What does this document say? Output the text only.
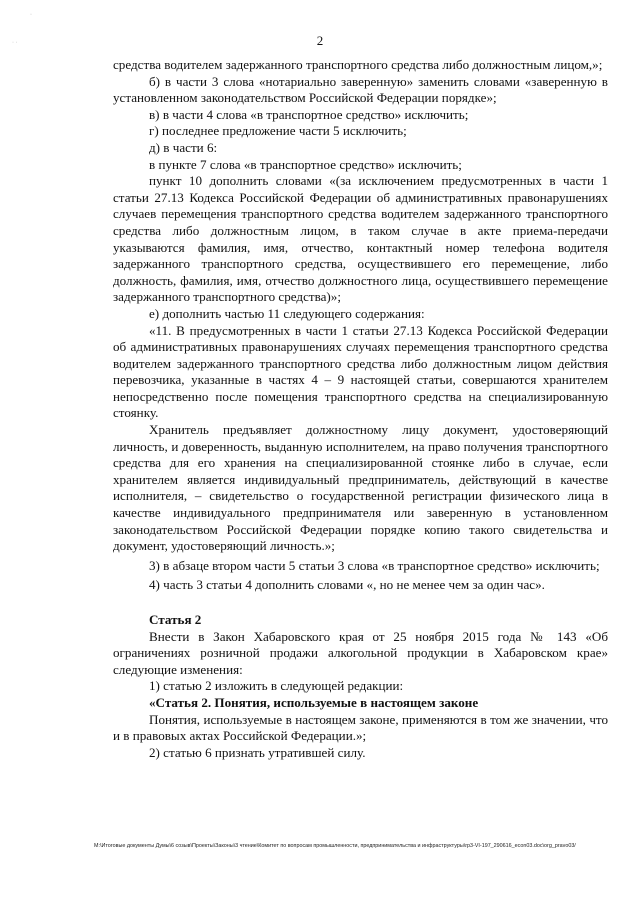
·
· ·	2

средства водителем задержанного транспортного средства либо должностным лицом,»;

б) в части 3 слова «нотариально заверенную» заменить словами «заверенную в установленном законодательством Российской Федерации порядке»;

в) в части 4 слова «в транспортное средство» исключить;

г) последнее предложение части 5 исключить;

д) в части 6:

в пункте 7 слова «в транспортное средство» исключить;

пункт 10 дополнить словами «(за исключением предусмотренных в части 1 статьи 27.13 Кодекса Российской Федерации об административных правонарушениях случаев перемещения транспортного средства водителем задержанного транспортного средства либо должностным лицом, в таком случае в акте приема-передачи указываются фамилия, имя, отчество, контактный номер телефона водителя задержанного транспортного средства, осуществившего его перемещение, либо должность, фамилия, имя, отчество должностного лица, осуществившего перемещение задержанного транспортного средства)»;

е) дополнить частью 11 следующего содержания:

«11. В предусмотренных в части 1 статьи 27.13 Кодекса Российской Федерации об административных правонарушениях случаях перемещения транспортного средства водителем задержанного транспортного средства либо должностным лицом действия перевозчика, указанные в частях 4 – 9 настоящей статьи, совершаются хранителем непосредственно после помещения транспортного средства на специализированную стоянку.

Хранитель предъявляет должностному лицу документ, удостоверяющий личность, и доверенность, выданную исполнителем, на право получения транспортного средства для его хранения на специализированной стоянке либо в случае, если хранителем является индивидуальный предприниматель, действующий в качестве исполнителя, – свидетельство о государственной регистрации физического лица в качестве индивидуального предпринимателя или заверенную в установленном законодательством Российской Федерации порядке копию такого свидетельства и документ, удостоверяющий личность.»;

3) в абзаце втором части 5 статьи 3 слова «в транспортное средство» исключить;

4) часть 3 статьи 4 дополнить словами «, но не менее чем за один час».

Статья 2

Внести в Закон Хабаровского края от 25 ноября 2015 года № 143 «Об ограничениях розничной продажи алкогольной продукции в Хабаровском крае» следующие изменения:

1) статью 2 изложить в следующей редакции:

«Статья 2. Понятия, используемые в настоящем законе

Понятия, используемые в настоящем законе, применяются в том же значении, что и в правовых актах Российской Федерации.»;

2) статью 6 признать утратившей силу.

M:\Итоговые документы Думы\6 созыв\Проекты\Законы\3 чтение\Комитет по вопросам промышленности, предпринимательства и инфраструктуры\rp3-VI-197_290616_econ03.doc\org_pravo03/
